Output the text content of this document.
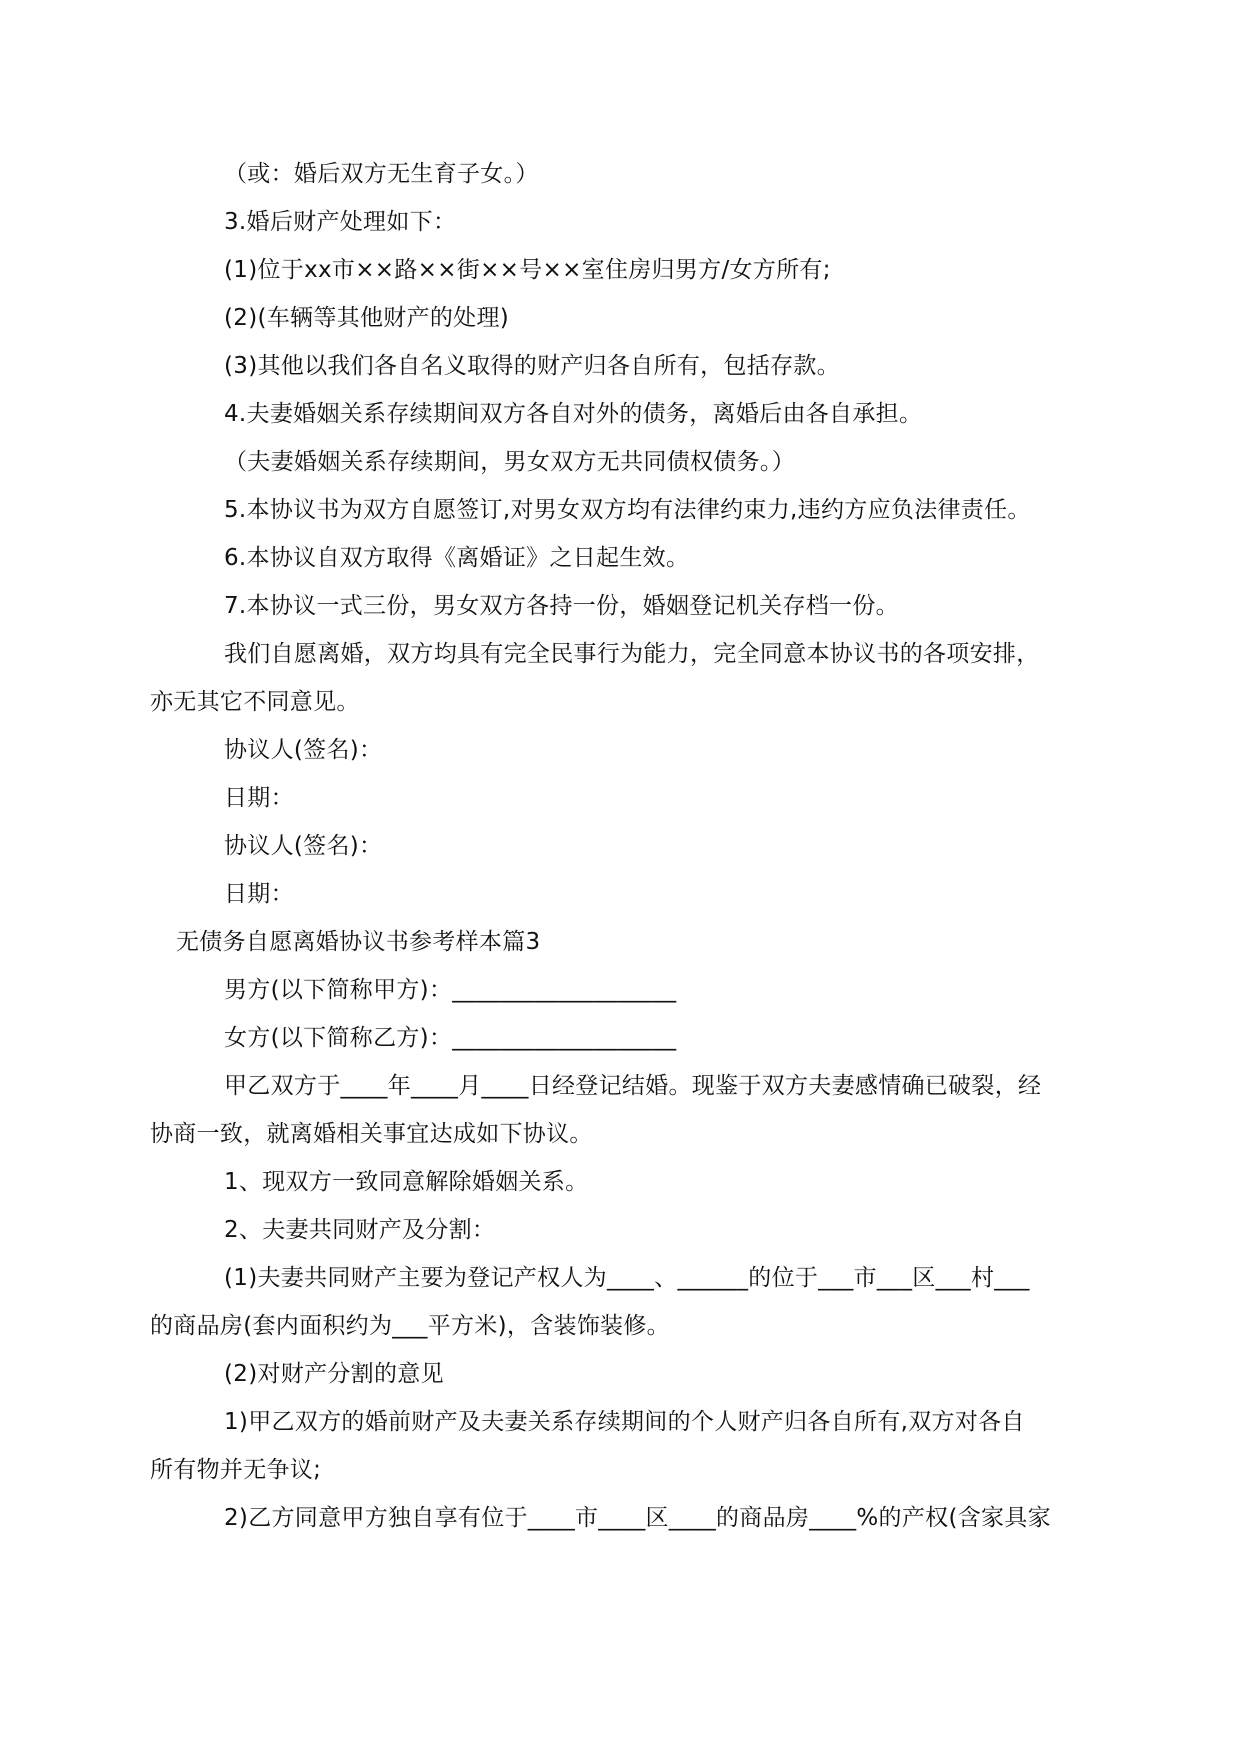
（或：婚后双方无生育子女。）
3.婚后财产处理如下：
(1)位于xx市××路××街××号××室住房归男方/女方所有;
(2)(车辆等其他财产的处理)
(3)其他以我们各自名义取得的财产归各自所有，包括存款。
4.夫妻婚姻关系存续期间双方各自对外的债务，离婚后由各自承担。
（夫妻婚姻关系存续期间，男女双方无共同债权债务。）
5.本协议书为双方自愿签订,对男女双方均有法律约束力,违约方应负法律责任。
6.本协议自双方取得《离婚证》之日起生效。
7.本协议一式三份，男女双方各持一份，婚姻登记机关存档一份。
我们自愿离婚，双方均具有完全民事行为能力，完全同意本协议书的各项安排，
亦无其它不同意见。
协议人(签名)：
日期：
协议人(签名)：
日期：
无债务自愿离婚协议书参考样本篇3
男方(以下简称甲方)：___________________
女方(以下简称乙方)：___________________
甲乙双方于____年____月____日经登记结婚。现鉴于双方夫妻感情确已破裂，经
协商一致，就离婚相关事宜达成如下协议。
1、现双方一致同意解除婚姻关系。
2、夫妻共同财产及分割：
(1)夫妻共同财产主要为登记产权人为____、______的位于___市___区___村___
的商品房(套内面积约为___平方米)，含装饰装修。
(2)对财产分割的意见
1)甲乙双方的婚前财产及夫妻关系存续期间的个人财产归各自所有,双方对各自
所有物并无争议;
2)乙方同意甲方独自享有位于____市____区____的商品房____%的产权(含家具家
